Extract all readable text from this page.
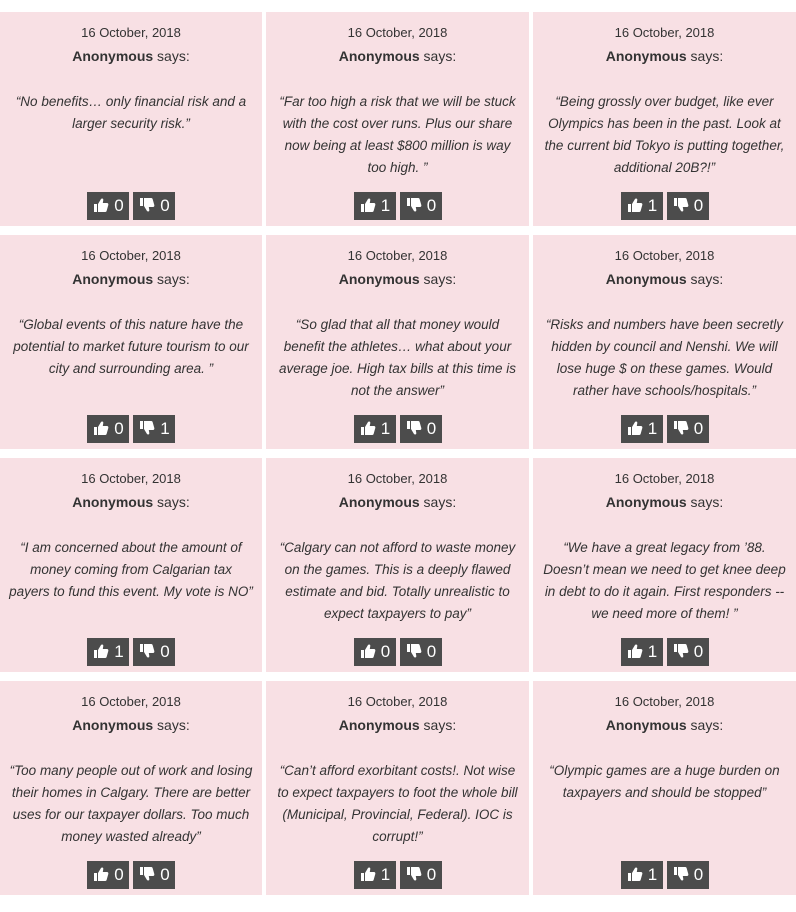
16 October, 2018
Anonymous says:
“No benefits… only financial risk and a larger security risk.”
0 0
16 October, 2018
Anonymous says:
“Far too high a risk that we will be stuck with the cost over runs. Plus our share now being at least $800 million is way too high. ”
1 0
16 October, 2018
Anonymous says:
“Being grossly over budget, like ever Olympics has been in the past. Look at the current bid Tokyo is putting together, additional 20B?!”
1 0
16 October, 2018
Anonymous says:
“Global events of this nature have the potential to market future tourism to our city and surrounding area. ”
0 1
16 October, 2018
Anonymous says:
“So glad that all that money would benefit the athletes… what about your average joe. High tax bills at this time is not the answer”
1 0
16 October, 2018
Anonymous says:
“Risks and numbers have been secretly hidden by council and Nenshi. We will lose huge $ on these games. Would rather have schools/hospitals.”
1 0
16 October, 2018
Anonymous says:
“I am concerned about the amount of money coming from Calgarian tax payers to fund this event. My vote is NO”
1 0
16 October, 2018
Anonymous says:
“Calgary can not afford to waste money on the games. This is a deeply flawed estimate and bid. Totally unrealistic to expect taxpayers to pay”
0 0
16 October, 2018
Anonymous says:
“We have a great legacy from ’88. Doesn’t mean we need to get knee deep in debt to do it again. First responders --we need more of them! ”
1 0
16 October, 2018
Anonymous says:
“Too many people out of work and losing their homes in Calgary. There are better uses for our taxpayer dollars. Too much money wasted already”
0 0
16 October, 2018
Anonymous says:
“Can’t afford exorbitant costs!. Not wise to expect taxpayers to foot the whole bill (Municipal, Provincial, Federal). IOC is corrupt!”
1 0
16 October, 2018
Anonymous says:
“Olympic games are a huge burden on taxpayers and should be stopped”
1 0
